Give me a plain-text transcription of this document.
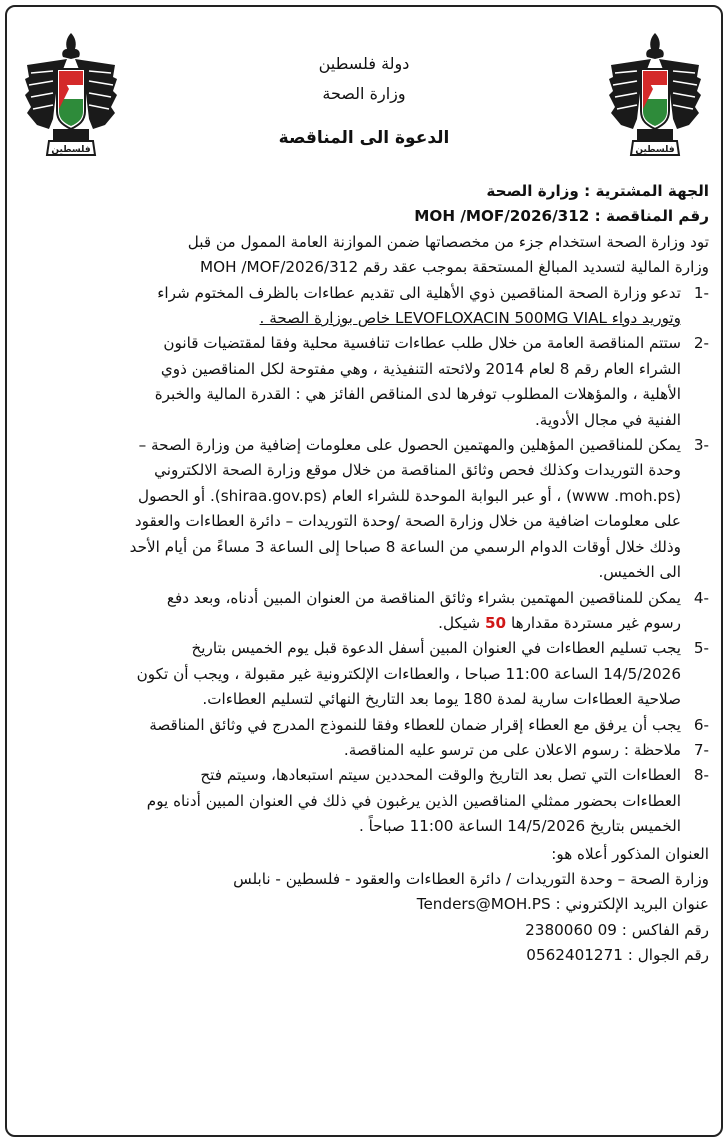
فلسطين
فلسطين
دولة فلسطين
وزارة الصحة
الدعوة الى المناقصة
الجهة المشترية : وزارة الصحة
رقم المناقصة : MOH /MOF/2026/312
تود وزارة الصحة استخدام جزء من مخصصاتها ضمن الموازنة العامة الممول من قبل
وزارة المالية لتسديد المبالغ المستحقة بموجب عقد رقم MOH /MOF/2026/312
-1
تدعو وزارة الصحة المناقصين ذوي الأهلية الى تقديم عطاءات بالظرف المختوم شراء
وتوريد دواء LEVOFLOXACIN 500MG VIAL خاص بوزارة الصحة .
-2
ستتم المناقصة العامة من خلال طلب عطاءات تنافسية محلية وفقا لمقتضيات قانون
الشراء العام رقم 8 لعام 2014 ولائحته التنفيذية ، وهي مفتوحة لكل المناقصين ذوي
الأهلية ، والمؤهلات المطلوب توفرها لدى المناقص الفائز هي : القدرة المالية والخبرة
الفنية في مجال الأدوية.
-3
يمكن للمناقصين المؤهلين والمهتمين الحصول على معلومات إضافية من وزارة الصحة –
وحدة التوريدات وكذلك فحص وثائق المناقصة من خلال موقع وزارة الصحة الالكتروني
(www .moh.ps) ، أو عبر البوابة الموحدة للشراء العام (shiraa.gov.ps). أو الحصول
على معلومات اضافية من خلال وزارة الصحة /وحدة التوريدات – دائرة العطاءات والعقود
وذلك خلال أوقات الدوام الرسمي من الساعة 8 صباحا إلى الساعة 3 مساءً من أيام الأحد
الى الخميس.
-4
يمكن للمناقصين المهتمين بشراء وثائق المناقصة من العنوان المبين أدناه، وبعد دفع
رسوم غير مستردة مقدارها 50 شيكل.
-5
يجب تسليم العطاءات في العنوان المبين أسفل الدعوة قبل يوم الخميس بتاريخ
14/5/2026 الساعة 11:00 صباحا ، والعطاءات الإلكترونية غير مقبولة ، ويجب أن تكون
صلاحية العطاءات سارية لمدة 180 يوما بعد التاريخ النهائي لتسليم العطاءات.
-6
يجب أن يرفق مع العطاء إقرار ضمان للعطاء وفقا للنموذج المدرج في وثائق المناقصة
-7
ملاحظة : رسوم الاعلان على من ترسو عليه المناقصة.
-8
العطاءات التي تصل بعد التاريخ والوقت المحددين سيتم استبعادها، وسيتم فتح
العطاءات بحضور ممثلي المناقصين الذين يرغبون في ذلك في العنوان المبين أدناه يوم
الخميس بتاريخ 14/5/2026 الساعة 11:00 صباحاً .
العنوان المذكور أعلاه هو:
وزارة الصحة – وحدة التوريدات / دائرة العطاءات والعقود - فلسطين - نابلس
عنوان البريد الإلكتروني : Tenders@MOH.PS
رقم الفاكس : 2380060 09
رقم الجوال : 0562401271
